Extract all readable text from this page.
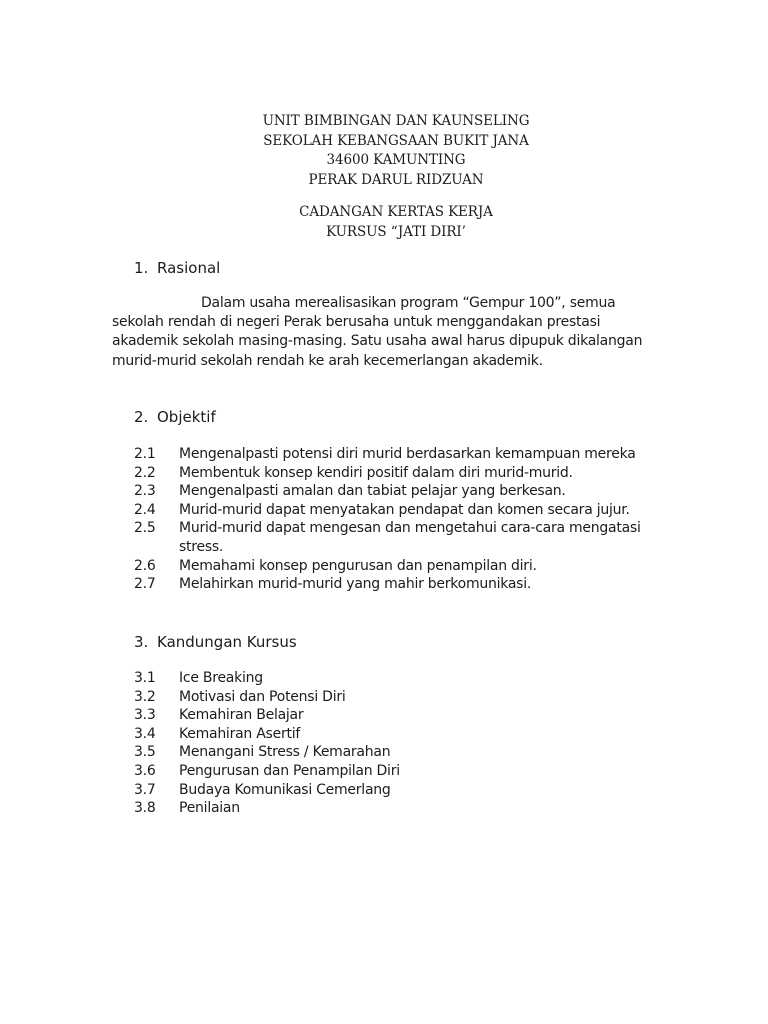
UNIT BIMBINGAN DAN KAUNSELING
SEKOLAH KEBANGSAAN BUKIT JANA
34600 KAMUNTING
PERAK DARUL RIDZUAN
CADANGAN KERTAS KERJA
KURSUS “JATI DIRI’
1. Rasional
Dalam usaha merealisasikan program “Gempur 100”, semua
sekolah rendah di negeri Perak berusaha untuk menggandakan prestasi
akademik sekolah masing-masing. Satu usaha awal harus dipupuk dikalangan
murid-murid sekolah rendah ke arah kecemerlangan akademik.
2. Objektif
2.1	Mengenalpasti potensi diri murid berdasarkan kemampuan mereka
2.2	Membentuk konsep kendiri positif dalam diri murid-murid.
2.3	Mengenalpasti amalan dan tabiat pelajar yang berkesan.
2.4	Murid-murid dapat menyatakan pendapat dan komen secara jujur.
2.5	Murid-murid dapat mengesan dan mengetahui cara-cara mengatasi
stress.
2.6	Memahami konsep pengurusan dan penampilan diri.
2.7	Melahirkan murid-murid yang mahir berkomunikasi.
3. Kandungan Kursus
3.1	Ice Breaking
3.2	Motivasi dan Potensi Diri
3.3	Kemahiran Belajar
3.4	Kemahiran Asertif
3.5	Menangani Stress / Kemarahan
3.6	Pengurusan dan Penampilan Diri
3.7	Budaya Komunikasi Cemerlang
3.8	Penilaian
